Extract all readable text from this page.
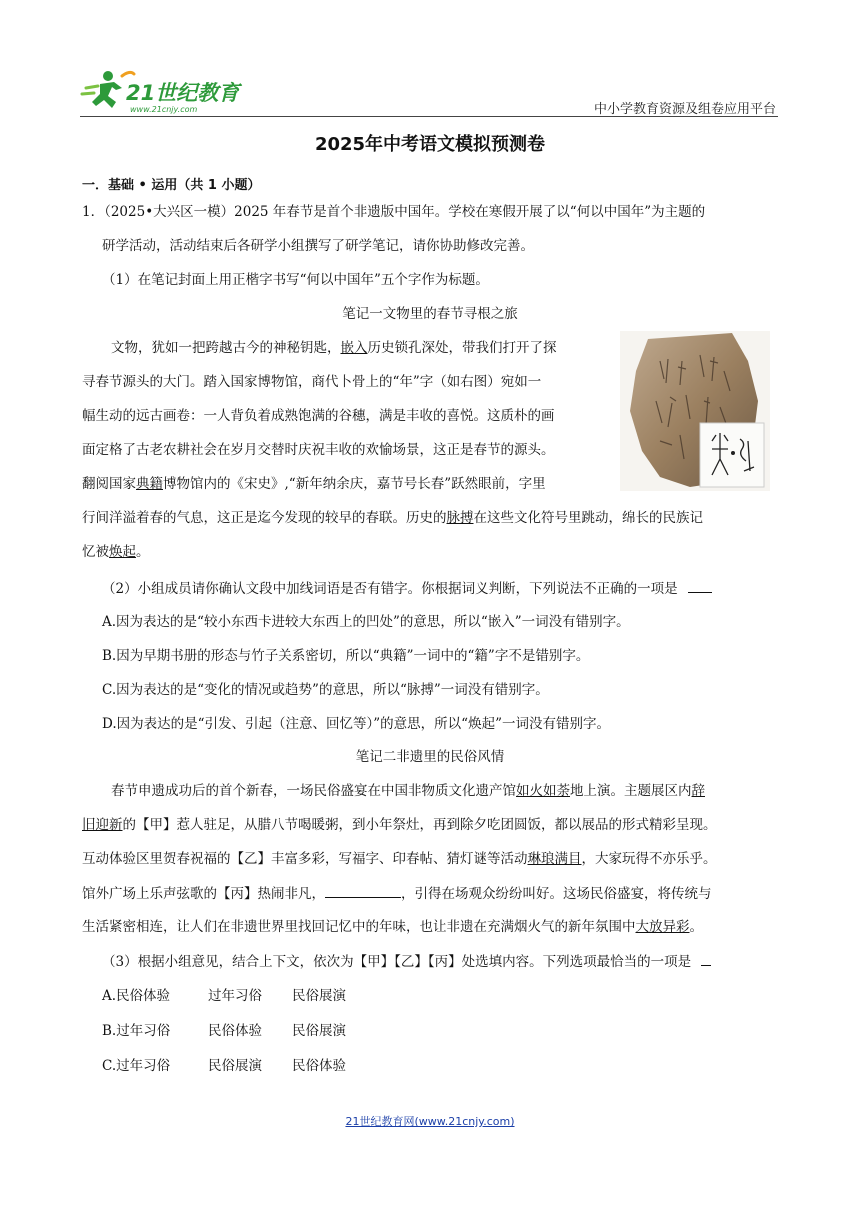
21世纪教育
www.21cnjy.com	中小学教育资源及组卷应用平台
2025年中考语文模拟预测卷
一．基础 • 运用（共 1 小题）
1．（2025•大兴区一模）2025 年春节是首个非遗版中国年。学校在寒假开展了以“何以中国年”为主题的
研学活动，活动结束后各研学小组撰写了研学笔记，请你协助修改完善。
（1）在笔记封面上用正楷字书写“何以中国年”五个字作为标题。
笔记一文物里的春节寻根之旅
文物，犹如一把跨越古今的神秘钥匙，嵌入历史锁孔深处，带我们打开了探
寻春节源头的大门。踏入国家博物馆，商代卜骨上的“年”字（如右图）宛如一
幅生动的远古画卷：一人背负着成熟饱满的谷穗，满是丰收的喜悦。这质朴的画
面定格了古老农耕社会在岁月交替时庆祝丰收的欢愉场景，这正是春节的源头。
翻阅国家典籍博物馆内的《宋史》,“新年纳余庆，嘉节号长春”跃然眼前，字里
行间洋溢着春的气息，这正是迄今发现的较早的春联。历史的脉搏在这些文化符号里跳动，绵长的民族记
忆被焕起。
（2）小组成员请你确认文段中加线词语是否有错字。你根据词义判断，下列说法不正确的一项是
A.因为表达的是“较小东西卡进较大东西上的凹处”的意思，所以“嵌入”一词没有错别字。
B.因为早期书册的形态与竹子关系密切，所以“典籍”一词中的“籍”字不是错别字。
C.因为表达的是“变化的情况或趋势”的意思，所以“脉搏”一词没有错别字。
D.因为表达的是“引发、引起（注意、回忆等）”的意思，所以“焕起”一词没有错别字。
笔记二非遗里的民俗风情
春节申遗成功后的首个新春，一场民俗盛宴在中国非物质文化遗产馆如火如荼地上演。主题展区内辞
旧迎新的【甲】惹人驻足，从腊八节喝暖粥，到小年祭灶，再到除夕吃团圆饭，都以展品的形式精彩呈现。
互动体验区里贺春祝福的【乙】丰富多彩，写福字、印春帖、猜灯谜等活动琳琅满目，大家玩得不亦乐乎。
馆外广场上乐声弦歌的【丙】热闹非凡，	，引得在场观众纷纷叫好。这场民俗盛宴，将传统与
生活紧密相连，让人们在非遗世界里找回记忆中的年味，也让非遗在充满烟火气的新年氛围中大放异彩。
（3）根据小组意见，结合上下文，依次为【甲】【乙】【丙】处选填内容。下列选项最恰当的一项是
A.民俗体验	过年习俗 民俗展演
B.过年习俗	民俗体验 民俗展演
C.过年习俗	民俗展演 民俗体验
21世纪教育网(www.21cnjy.com)
